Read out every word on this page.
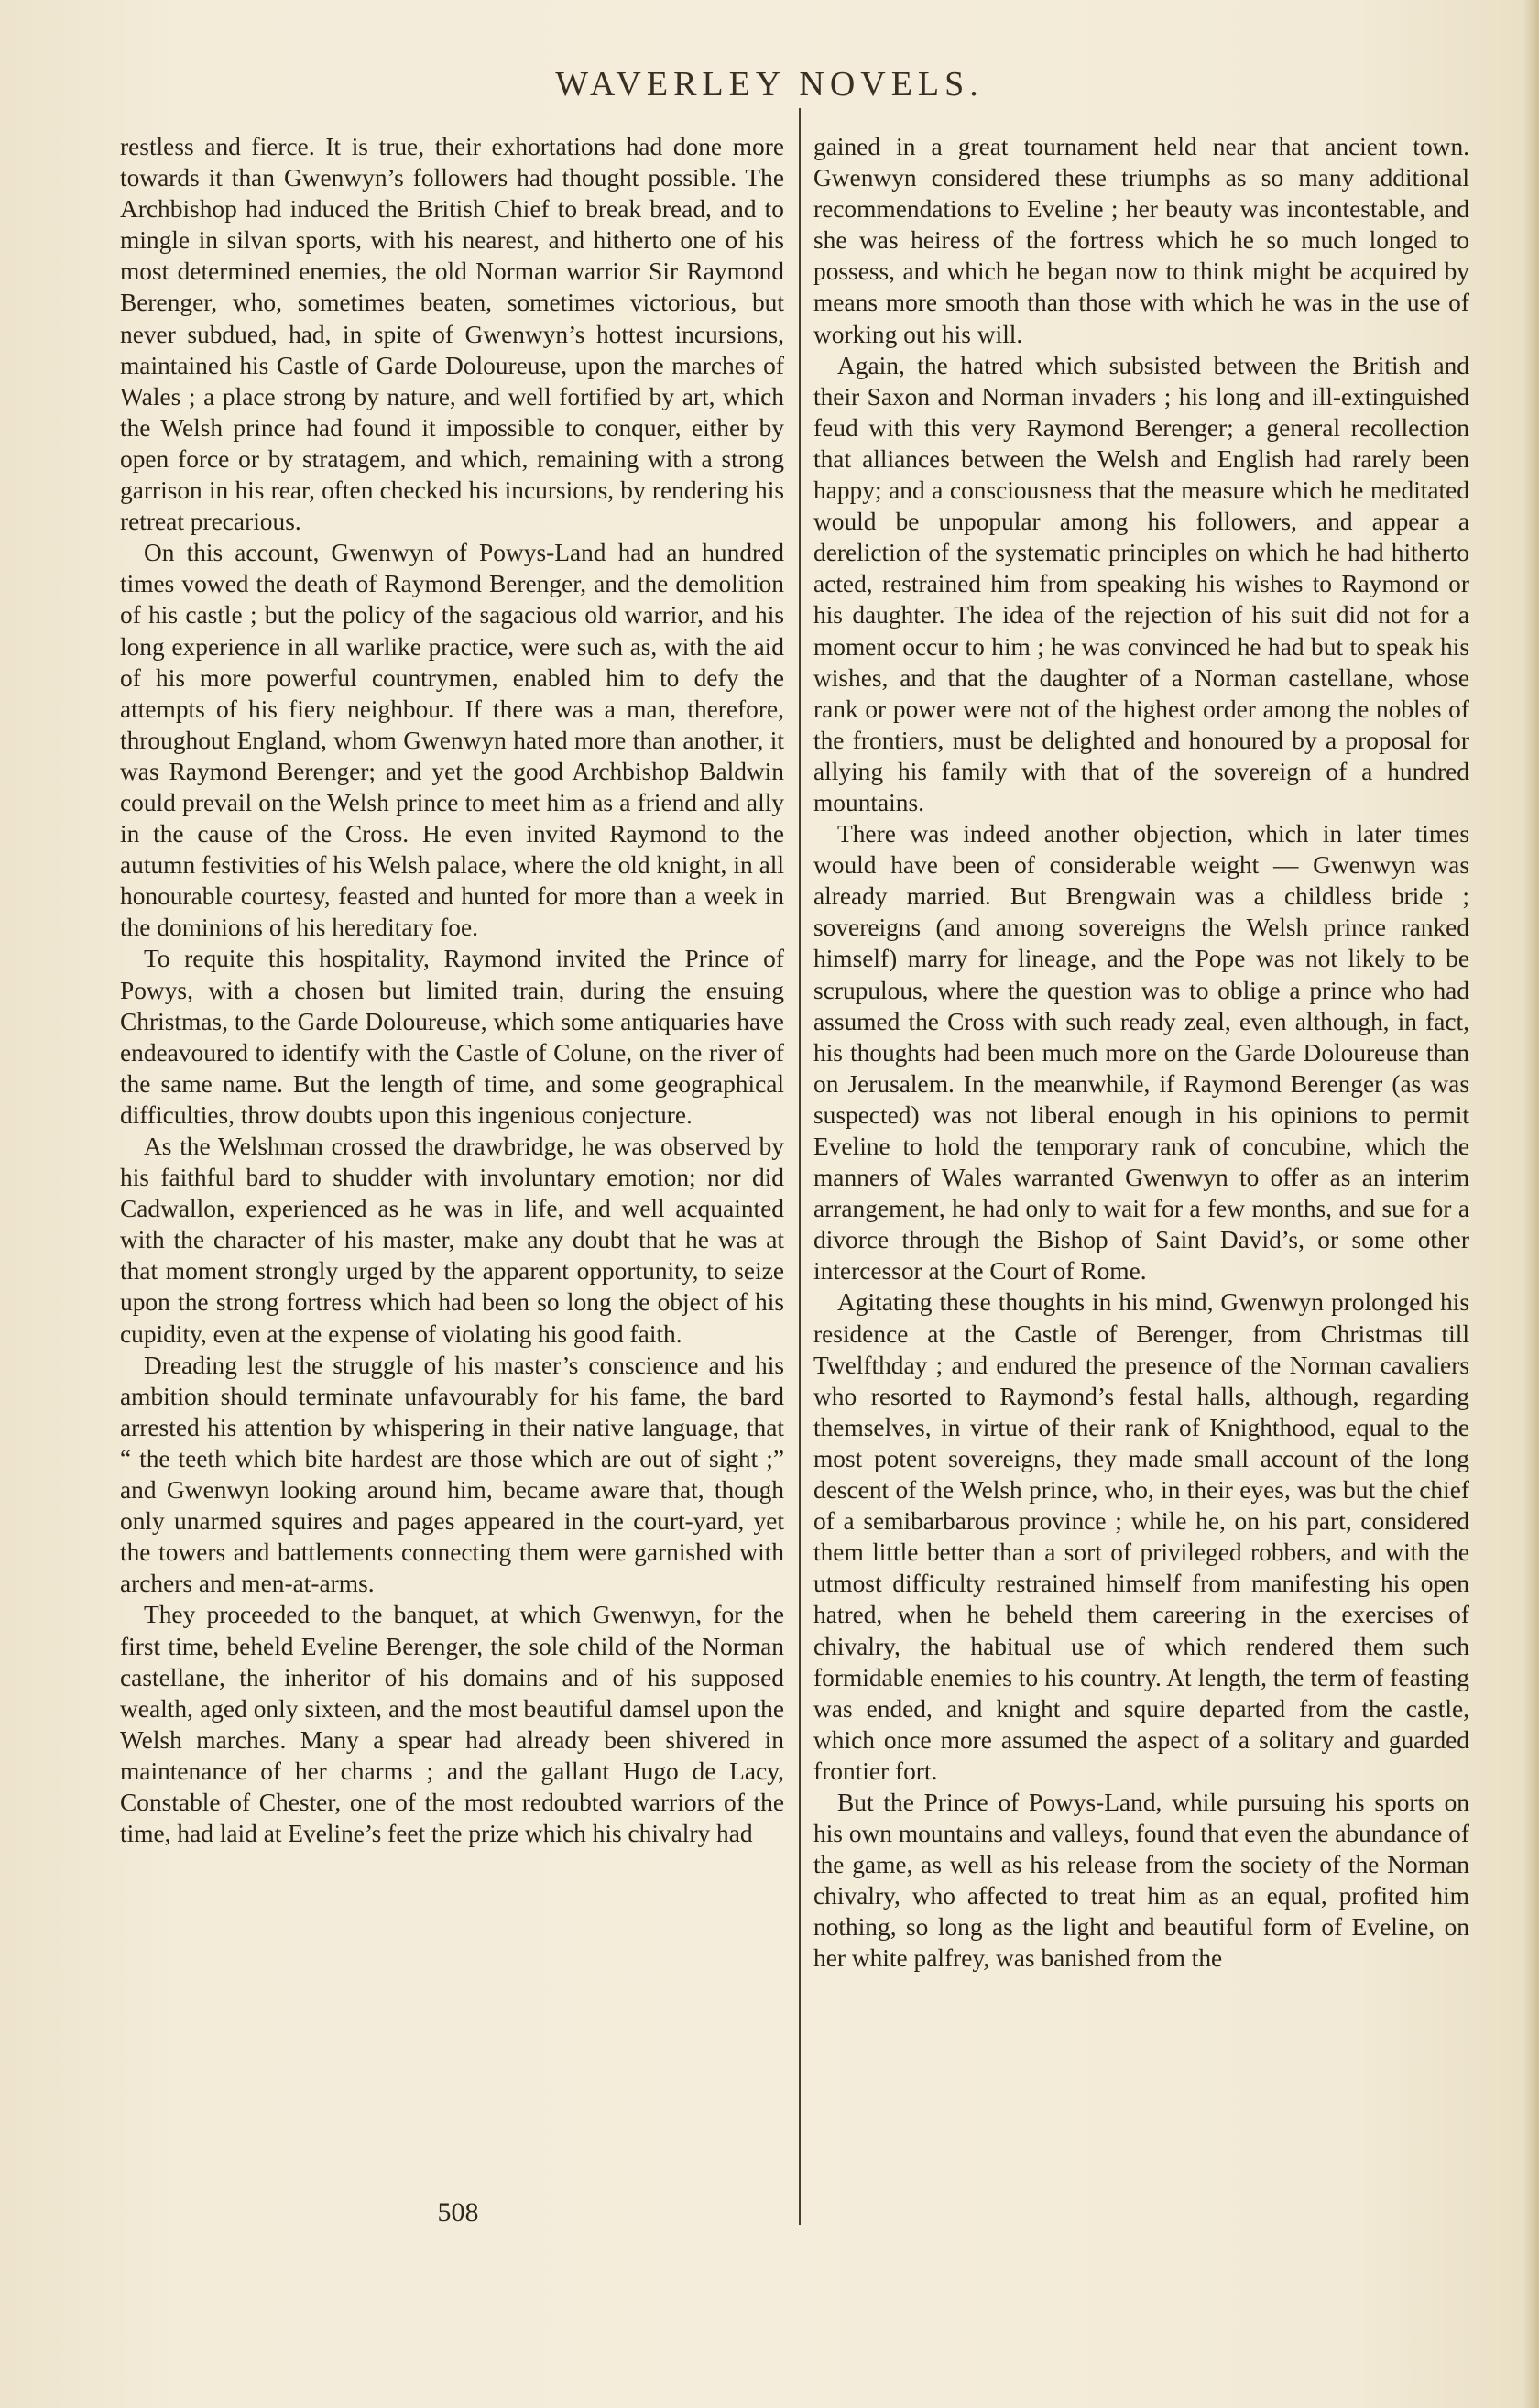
WAVERLEY NOVELS.

restless and fierce. It is true, their exhortations had done more towards it than Gwenwyn’s followers had thought possible. The Archbishop had induced the British Chief to break bread, and to mingle in silvan sports, with his nearest, and hitherto one of his most determined enemies, the old Norman warrior Sir Raymond Berenger, who, sometimes beaten, sometimes victorious, but never subdued, had, in spite of Gwenwyn’s hottest incursions, maintained his Castle of Garde Doloureuse, upon the marches of Wales ; a place strong by nature, and well fortified by art, which the Welsh prince had found it impossible to conquer, either by open force or by stratagem, and which, remaining with a strong garrison in his rear, often checked his incursions, by rendering his retreat precarious.

On this account, Gwenwyn of Powys-Land had an hundred times vowed the death of Raymond Berenger, and the demolition of his castle ; but the policy of the sagacious old warrior, and his long experience in all warlike practice, were such as, with the aid of his more powerful countrymen, enabled him to defy the attempts of his fiery neighbour. If there was a man, therefore, throughout England, whom Gwenwyn hated more than another, it was Raymond Berenger; and yet the good Archbishop Baldwin could prevail on the Welsh prince to meet him as a friend and ally in the cause of the Cross. He even invited Raymond to the autumn festivities of his Welsh palace, where the old knight, in all honourable courtesy, feasted and hunted for more than a week in the dominions of his hereditary foe.

To requite this hospitality, Raymond invited the Prince of Powys, with a chosen but limited train, during the ensuing Christmas, to the Garde Doloureuse, which some antiquaries have endeavoured to identify with the Castle of Colune, on the river of the same name. But the length of time, and some geographical difficulties, throw doubts upon this ingenious conjecture.

As the Welshman crossed the drawbridge, he was observed by his faithful bard to shudder with involuntary emotion; nor did Cadwallon, experienced as he was in life, and well acquainted with the character of his master, make any doubt that he was at that moment strongly urged by the apparent opportunity, to seize upon the strong fortress which had been so long the object of his cupidity, even at the expense of violating his good faith.

Dreading lest the struggle of his master’s conscience and his ambition should terminate unfavourably for his fame, the bard arrested his attention by whispering in their native language, that “ the teeth which bite hardest are those which are out of sight ;” and Gwenwyn looking around him, became aware that, though only unarmed squires and pages appeared in the court-yard, yet the towers and battlements connecting them were garnished with archers and men-at-arms.

They proceeded to the banquet, at which Gwenwyn, for the first time, beheld Eveline Berenger, the sole child of the Norman castellane, the inheritor of his domains and of his supposed wealth, aged only sixteen, and the most beautiful damsel upon the Welsh marches. Many a spear had already been shivered in maintenance of her charms ; and the gallant Hugo de Lacy, Constable of Chester, one of the most redoubted warriors of the time, had laid at Eveline’s feet the prize which his chivalry had

gained in a great tournament held near that ancient town. Gwenwyn considered these triumphs as so many additional recommendations to Eveline ; her beauty was incontestable, and she was heiress of the fortress which he so much longed to possess, and which he began now to think might be acquired by means more smooth than those with which he was in the use of working out his will.

Again, the hatred which subsisted between the British and their Saxon and Norman invaders ; his long and ill-extinguished feud with this very Raymond Berenger; a general recollection that alliances between the Welsh and English had rarely been happy; and a consciousness that the measure which he meditated would be unpopular among his followers, and appear a dereliction of the systematic principles on which he had hitherto acted, restrained him from speaking his wishes to Raymond or his daughter. The idea of the rejection of his suit did not for a moment occur to him ; he was convinced he had but to speak his wishes, and that the daughter of a Norman castellane, whose rank or power were not of the highest order among the nobles of the frontiers, must be delighted and honoured by a proposal for allying his family with that of the sovereign of a hundred mountains.

There was indeed another objection, which in later times would have been of considerable weight — Gwenwyn was already married. But Brengwain was a childless bride ; sovereigns (and among sovereigns the Welsh prince ranked himself) marry for lineage, and the Pope was not likely to be scrupulous, where the question was to oblige a prince who had assumed the Cross with such ready zeal, even although, in fact, his thoughts had been much more on the Garde Doloureuse than on Jerusalem. In the meanwhile, if Raymond Berenger (as was suspected) was not liberal enough in his opinions to permit Eveline to hold the temporary rank of concubine, which the manners of Wales warranted Gwenwyn to offer as an interim arrangement, he had only to wait for a few months, and sue for a divorce through the Bishop of Saint David’s, or some other intercessor at the Court of Rome.

Agitating these thoughts in his mind, Gwenwyn prolonged his residence at the Castle of Berenger, from Christmas till Twelfthday ; and endured the presence of the Norman cavaliers who resorted to Raymond’s festal halls, although, regarding themselves, in virtue of their rank of Knighthood, equal to the most potent sovereigns, they made small account of the long descent of the Welsh prince, who, in their eyes, was but the chief of a semibarbarous province ; while he, on his part, considered them little better than a sort of privileged robbers, and with the utmost difficulty restrained himself from manifesting his open hatred, when he beheld them careering in the exercises of chivalry, the habitual use of which rendered them such formidable enemies to his country. At length, the term of feasting was ended, and knight and squire departed from the castle, which once more assumed the aspect of a solitary and guarded frontier fort.

But the Prince of Powys-Land, while pursuing his sports on his own mountains and valleys, found that even the abundance of the game, as well as his release from the society of the Norman chivalry, who affected to treat him as an equal, profited him nothing, so long as the light and beautiful form of Eveline, on her white palfrey, was banished from the

508
